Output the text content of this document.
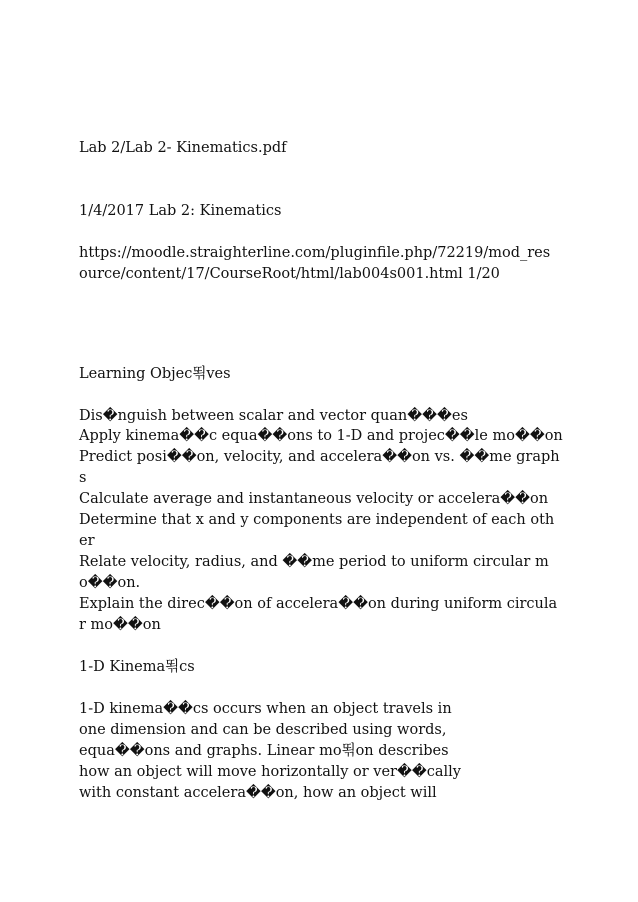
Lab 2/Lab 2- Kinematics.pdf
1/4/2017 Lab 2: Kinematics
https://moodle.straighterline.com/pluginfile.php/72219/mod_res
ource/content/17/CourseRoot/html/lab004s001.html 1/20
Learning Objec뙦ves
Dis�nguish between scalar and vector quan���es
Apply kinema��c equa��ons to 1-D and projec��le mo��on
Predict posi��on, velocity, and accelera��on vs. ��me graph
s
Calculate average and instantaneous velocity or accelera��on
Determine that x and y components are independent of each oth
er
Relate velocity, radius, and ��me period to uniform circular m
o��on.
Explain the direc��on of accelera��on during uniform circula
r mo��on
1-D Kinema뙦cs
1-D kinema��cs occurs when an object travels in
one dimension and can be described using words,
equa��ons and graphs. Linear mo뙦on describes
how an object will move horizontally or ver��cally
with constant accelera��on, how an object will
